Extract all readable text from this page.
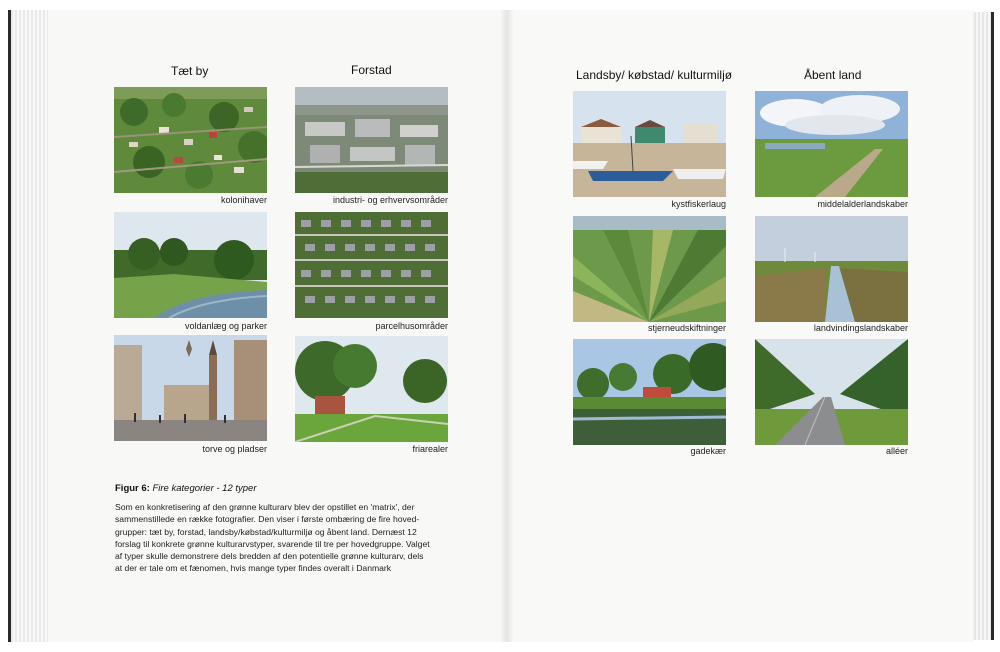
Tæt by	Forstad
kolonihaver	industri- og erhvervsområder
voldanlæg og parker	parcelhusområder
torve og pladser	friarealer
Figur 6: Fire kategorier - 12 typer
Som en konkretisering af den grønne kulturarv blev der opstillet en 'matrix', der
sammenstillede en række fotografier. Den viser i første ombæring de fire hoved-
grupper: tæt by, forstad, landsby/købstad/kulturmiljø og åbent land. Dernæst 12
forslag til konkrete grønne kulturarvstyper, svarende til tre per hovedgruppe. Valget
af typer skulle demonstrere dels bredden af den potentielle grønne kulturarv, dels
at der er tale om et fænomen, hvis mange typer findes overalt i Danmark
Landsby/ købstad/ kulturmiljø	Åbent land
kystfiskerlaug	middelalderlandskaber
stjerneudskiftninger	landvindingslandskaber
gadekær	alléer
